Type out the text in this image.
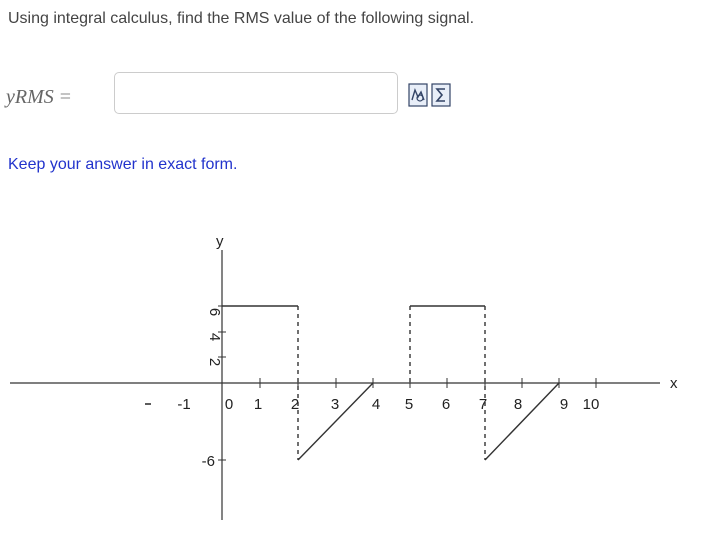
Using integral calculus, find the RMS value of the following signal.
yRMS =
Keep your answer in exact form.
x
y
6
4
2
-6
-1 0 1 2 3 4 5 6 7 8	9 10
